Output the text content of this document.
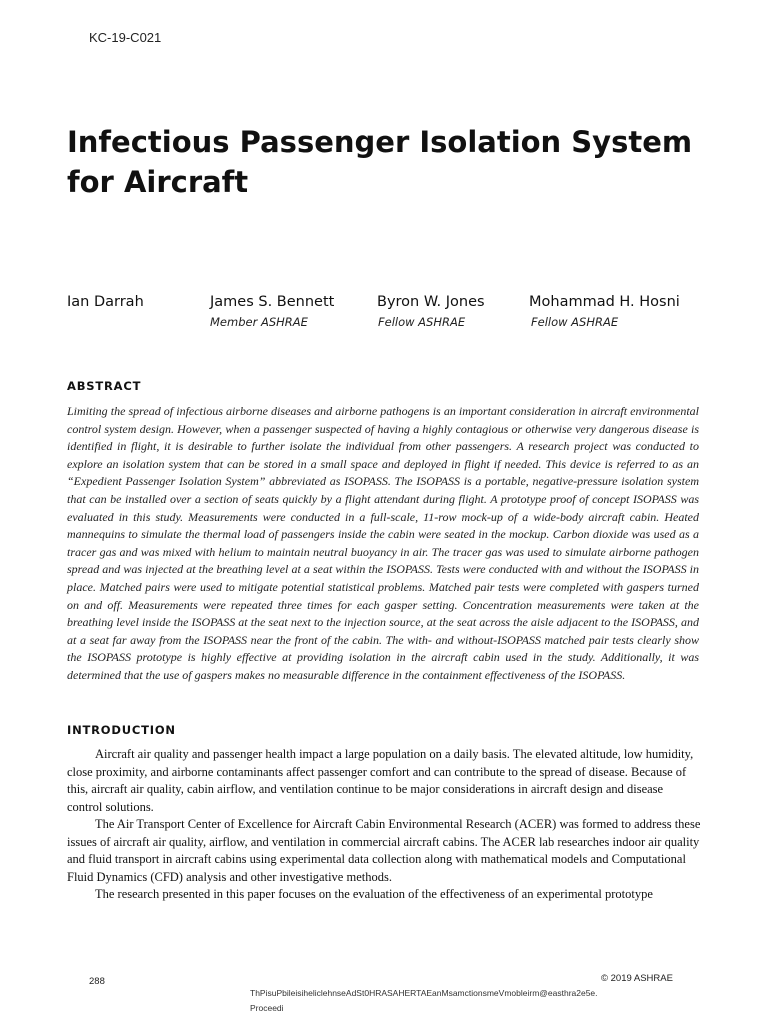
KC-19-C021
Infectious Passenger Isolation System for Aircraft
Ian Darrah	James S. Bennett
Member ASHRAE
Byron W. Jones
Fellow ASHRAE
Mohammad H. Hosni
Fellow ASHRAE
ABSTRACT
Limiting the spread of infectious airborne diseases and airborne pathogens is an important consideration in aircraft environmental control system design. However, when a passenger suspected of having a highly contagious or otherwise very dangerous disease is identified in flight, it is desirable to further isolate the individual from other passengers. A research project was conducted to explore an isolation system that can be stored in a small space and deployed in flight if needed. This device is referred to as an “Expedient Passenger Isolation System” abbreviated as ISOPASS. The ISOPASS is a portable, negative-pressure isolation system that can be installed over a section of seats quickly by a flight attendant during flight. A prototype proof of concept ISOPASS was evaluated in this study. Measurements were conducted in a full-scale, 11-row mock-up of a wide-body aircraft cabin. Heated mannequins to simulate the thermal load of passengers inside the cabin were seated in the mockup. Carbon dioxide was used as a tracer gas and was mixed with helium to maintain neutral buoyancy in air. The tracer gas was used to simulate airborne pathogen spread and was injected at the breathing level at a seat within the ISOPASS. Tests were conducted with and without the ISOPASS in place. Matched pairs were used to mitigate potential statistical problems. Matched pair tests were completed with gaspers turned on and off. Measurements were repeated three times for each gasper setting. Concentration measurements were taken at the breathing level inside the ISOPASS at the seat next to the injection source, at the seat across the aisle adjacent to the ISOPASS, and at a seat far away from the ISOPASS near the front of the cabin. The with- and without-ISOPASS matched pair tests clearly show the ISOPASS prototype is highly effective at providing isolation in the aircraft cabin used in the study. Additionally, it was determined that the use of gaspers makes no measurable difference in the containment effectiveness of the ISOPASS.
INTRODUCTION

Aircraft air quality and passenger health impact a large population on a daily basis. The elevated altitude, low humidity, close proximity, and airborne contaminants affect passenger comfort and can contribute to the spread of disease. Because of this, aircraft air quality, cabin airflow, and ventilation continue to be major considerations in aircraft design and disease control solutions.

The Air Transport Center of Excellence for Aircraft Cabin Environmental Research (ACER) was formed to address these issues of aircraft air quality, airflow, and ventilation in commercial aircraft cabins. The ACER lab researches indoor air quality and fluid transport in aircraft cabins using experimental data collection along with mathematical models and Computational Fluid Dynamics (CFD) analysis and other investigative methods.

The research presented in this paper focuses on the evaluation of the effectiveness of an experimental prototype

288	© 2019 ASHRAE
ThPisuPbileisiheliclehnseAdSt0HRASAHERTAEanMsamctionsmeVmobleirm@easthra2e5e.
Proceedi
